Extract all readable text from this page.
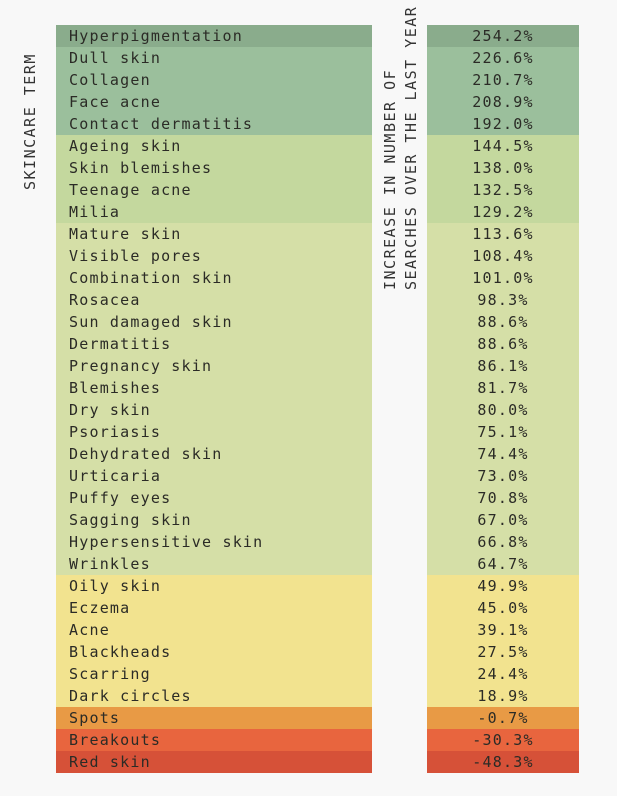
SKINCARE TERM
Hyperpigmentation
Dull skin
Collagen
Face acne
Contact dermatitis
Ageing skin
Skin blemishes
Teenage acne
Milia
Mature skin
Visible pores
Combination skin
Rosacea
Sun damaged skin
Dermatitis
Pregnancy skin
Blemishes
Dry skin
Psoriasis
Dehydrated skin
Urticaria
Puffy eyes
Sagging skin
Hypersensitive skin
Wrinkles
Oily skin
Eczema
Acne
Blackheads
Scarring
Dark circles
Spots
Breakouts
Red skin
INCREASE IN NUMBER OF SEARCHES OVER THE LAST YEAR	254.2%
226.6%
210.7%
208.9%
192.0%
144.5%
138.0%
132.5%
129.2%
113.6%
108.4%
101.0%
98.3%
88.6%
88.6%
86.1%
81.7%
80.0%
75.1%
74.4%
73.0%
70.8%
67.0%
66.8%
64.7%
49.9%
45.0%
39.1%
27.5%
24.4%
18.9%
-0.7%
-30.3%
-48.3%
